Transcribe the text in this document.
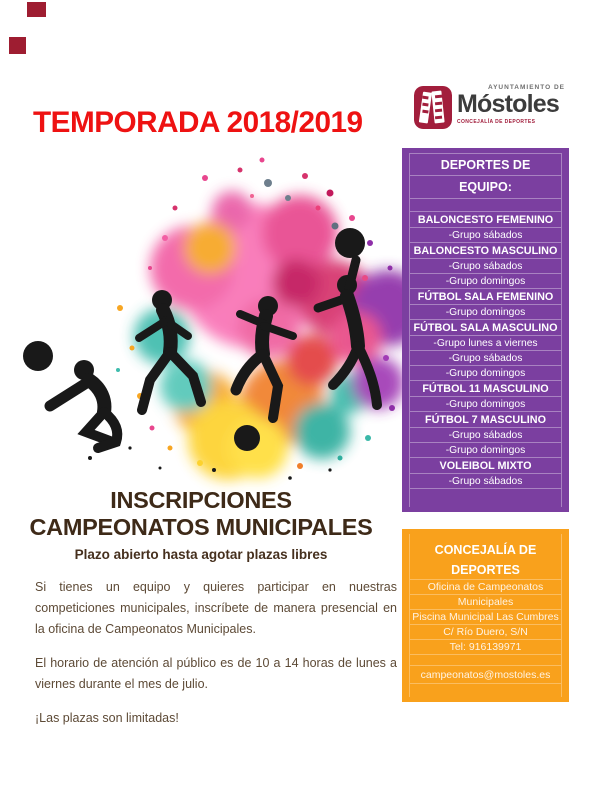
AYUNTAMIENTO DE
Móstoles
CONCEJALÍA DE DEPORTES
TEMPORADA 2018/2019
INSCRIPCIONES
CAMPEONATOS MUNICIPALES
Plazo abierto hasta agotar plazas libres

Si tienes un equipo y quieres participar en nuestras competiciones municipales, inscríbete de manera presencial en la oficina de Campeonatos Municipales.

El horario de atención al público es de 10 a 14 horas de lunes a viernes durante el mes de julio.

¡Las plazas son limitadas!

DEPORTES DE
EQUIPO:
BALONCESTO FEMENINO
-Grupo sábados
BALONCESTO MASCULINO
-Grupo sábados
-Grupo domingos
FÚTBOL SALA FEMENINO
-Grupo domingos
FÚTBOL SALA MASCULINO
-Grupo lunes a viernes
-Grupo sábados
-Grupo domingos
FÚTBOL 11 MASCULINO
-Grupo domingos
FÚTBOL 7 MASCULINO
-Grupo sábados
-Grupo domingos
VOLEIBOL MIXTO
-Grupo sábados
CONCEJALÍA DE
DEPORTES
Oficina de Campeonatos
Municipales
Piscina Municipal Las Cumbres
C/ Río Duero, S/N
Tel: 916139971
campeonatos@mostoles.es
